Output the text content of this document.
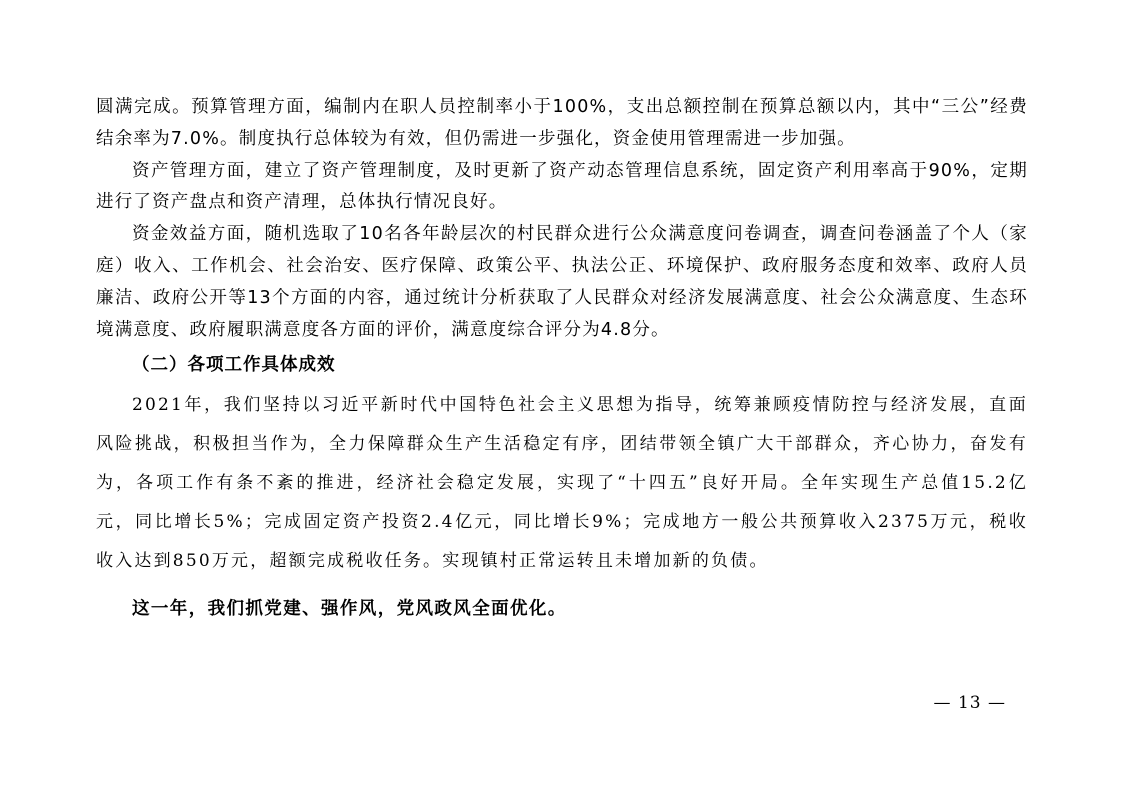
圆满完成。预算管理方面，编制内在职人员控制率小于100%，支出总额控制在预算总额以内，其中“三公”经费结余率为7.0%。制度执行总体较为有效，但仍需进一步强化，资金使用管理需进一步加强。

资产管理方面，建立了资产管理制度，及时更新了资产动态管理信息系统，固定资产利用率高于90%，定期进行了资产盘点和资产清理，总体执行情况良好。

资金效益方面，随机选取了10名各年龄层次的村民群众进行公众满意度问卷调查，调查问卷涵盖了个人（家庭）收入、工作机会、社会治安、医疗保障、政策公平、执法公正、环境保护、政府服务态度和效率、政府人员廉洁、政府公开等13个方面的内容，通过统计分析获取了人民群众对经济发展满意度、社会公众满意度、生态环境满意度、政府履职满意度各方面的评价，满意度综合评分为4.8分。

（二）各项工作具体成效

2021年，我们坚持以习近平新时代中国特色社会主义思想为指导，统筹兼顾疫情防控与经济发展，直面风险挑战，积极担当作为，全力保障群众生产生活稳定有序，团结带领全镇广大干部群众，齐心协力，奋发有为，各项工作有条不紊的推进，经济社会稳定发展，实现了“十四五”良好开局。全年实现生产总值15.2亿元，同比增长5%；完成固定资产投资2.4亿元，同比增长9%；完成地方一般公共预算收入2375万元，税收收入达到850万元，超额完成税收任务。实现镇村正常运转且未增加新的负债。

这一年，我们抓党建、强作风，党风政风全面优化。

— 13 —
